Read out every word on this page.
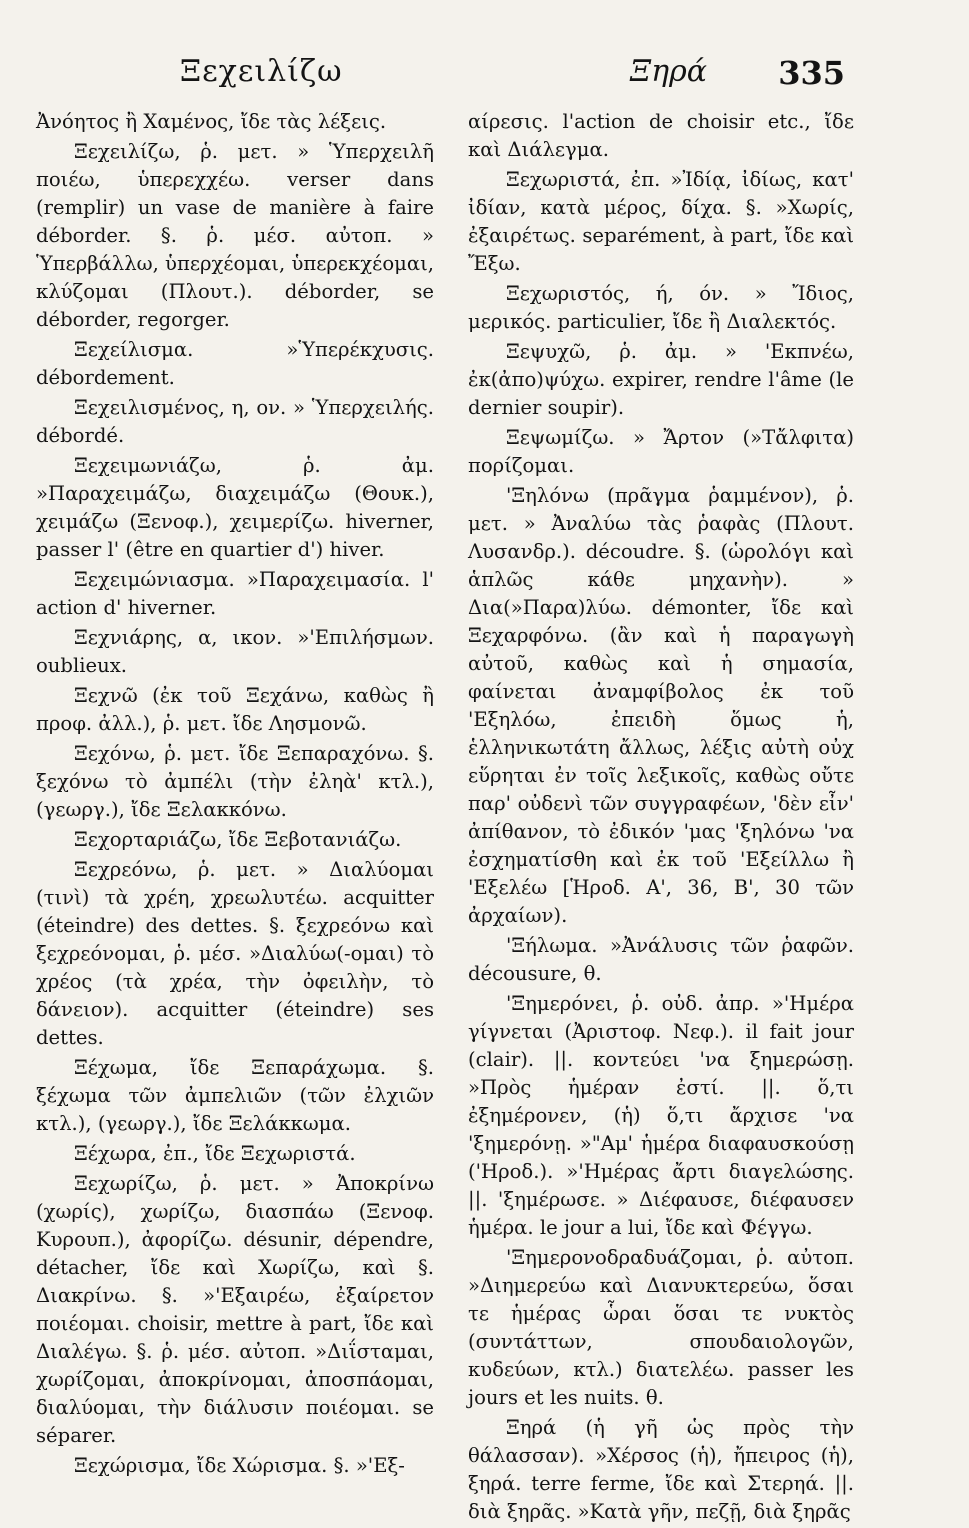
Ξεχειλίζω	Ξηρά 335

Ἀνόητος ἢ Χαμένος, ἴδε τὰς λέξεις.

Ξεχειλίζω, ῥ. μετ. » Ὑπερχειλῆ ποιέω, ὑπερεχχέω. verser dans (remplir) un vase de manière à faire déborder. §. ῥ. μέσ. αὐτοπ. » Ὑπερβάλλω, ὑπερχέομαι, ὑπερεκχέομαι, κλύζομαι (Πλουτ.). déborder, se déborder, regorger.

Ξεχείλισμα. »Ὑπερέκχυσις. débordement.

Ξεχειλισμένος, η, ον. » Ὑπερχειλής. débordé.

Ξεχειμωνιάζω, ῥ. ἀμ. »Παραχειμάζω, διαχειμάζω (Θουκ.), χειμάζω (Ξενοφ.), χειμερίζω. hiverner, passer l' (être en quartier d') hiver.

Ξεχειμώνιασμα. »Παραχειμασία. l' action d' hiverner.

Ξεχνιάρης, α, ικον. »'Επιλήσμων. oublieux.

Ξεχνῶ (ἐκ τοῦ Ξεχάνω, καθὼς ἢ προφ. ἀλλ.), ῥ. μετ. ἴδε Λησμονῶ.

Ξεχόνω, ῥ. μετ. ἴδε Ξεπαραχόνω. §. ξεχόνω τὸ ἀμπέλι (τὴν ἐληὰ' κτλ.), (γεωργ.), ἴδε Ξελακκόνω.

Ξεχορταριάζω, ἴδε Ξεβοτανιάζω.

Ξεχρεόνω, ῥ. μετ. » Διαλύομαι (τινὶ) τὰ χρέη, χρεωλυτέω. acquitter (éteindre) des dettes. §. ξεχρεόνω καὶ ξεχρεόνομαι, ῥ. μέσ. »Διαλύω(-ομαι) τὸ χρέος (τὰ χρέα, τὴν ὀφειλὴν, τὸ δάνειον). acquitter (éteindre) ses dettes.

Ξέχωμα, ἴδε Ξεπαράχωμα. §. ξέχωμα τῶν ἀμπελιῶν (τῶν ἐλχιῶν κτλ.), (γεωργ.), ἴδε Ξελάκκωμα.

Ξέχωρα, ἐπ., ἴδε Ξεχωριστά.

Ξεχωρίζω, ῥ. μετ. » Ἀποκρίνω (χωρίς), χωρίζω, διασπάω (Ξενοφ. Κυρουπ.), ἀφορίζω. désunir, dépendre, détacher, ἴδε καὶ Χωρίζω, καὶ §. Διακρίνω. §. »'Εξαιρέω, ἐξαίρετον ποιέομαι. choisir, mettre à part, ἴδε καὶ Διαλέγω. §. ῥ. μέσ. αὐτοπ. »Διΐσταμαι, χωρίζομαι, ἀποκρίνομαι, ἀποσπάομαι, διαλύομαι, τὴν διάλυσιν ποιέομαι. se séparer.

Ξεχώρισμα, ἴδε Χώρισμα. §. »'Εξ-

αίρεσις. l'action de choisir etc., ἴδε καὶ Διάλεγμα.

Ξεχωριστά, ἐπ. »Ἰδίᾳ, ἰδίως, κατ' ἰδίαν, κατὰ μέρος, δίχα. §. »Χωρίς, ἐξαιρέτως. separément, à part, ἴδε καὶ Ἔξω.

Ξεχωριστός, ή, όν. » Ἴδιος, μερικός. particulier, ἴδε ἢ Διαλεκτός.

Ξεψυχῶ, ῥ. ἀμ. » 'Εκπνέω, ἐκ(ἀπο)ψύχω. expirer, rendre l'âme (le dernier soupir).

Ξεψωμίζω. » Ἄρτον (»Τἄλφιτα) πορίζομαι.

'Ξηλόνω (πρᾶγμα ῥαμμένον), ῥ. μετ. » Ἀναλύω τὰς ῥαφὰς (Πλουτ. Λυσανδρ.). découdre. §. (ὡρολόγι καὶ ἁπλῶς κάθε μηχανὴν). » Δια(»Παρα)λύω. démonter, ἴδε καὶ Ξεχαρφόνω. (ἂν καὶ ἡ παραγωγὴ αὐτοῦ, καθὼς καὶ ἡ σημασία, φαίνεται ἀναμφίβολος ἐκ τοῦ 'Εξηλόω, ἐπειδὴ ὅμως ἡ, ἑλληνικωτάτη ἄλλως, λέξις αὐτὴ οὐχ εὕρηται ἐν τοῖς λεξικοῖς, καθὼς οὔτε παρ' οὐδενὶ τῶν συγγραφέων, 'δὲν εἶν' ἀπίθανον, τὸ ἐδικόν 'μας 'ξηλόνω 'να ἐσχηματίσθη καὶ ἐκ τοῦ 'Εξείλλω ἢ 'Εξελέω [Ἡροδ. Α', 36, Β', 30 τῶν ἀρχαίων).

'Ξήλωμα. »Ἀνάλυσις τῶν ῥαφῶν. décousure, θ.

'Ξημερόνει, ῥ. οὐδ. ἀπρ. »'Ημέρα γίγνεται (Ἀριστοφ. Νεφ.). il fait jour (clair). ||. κοντεύει 'να ξημερώσῃ. »Πρὸς ἡμέραν ἐστί. ||. ὅ,τι ἐξημέρονεν, (ἡ) ὅ,τι ἄρχισε 'να 'ξημερόνῃ. »"Αμ' ἡμέρα διαφαυσκούσῃ ('Ηροδ.). »'Ημέρας ἄρτι διαγελώσης. ||. 'ξημέρωσε. » Διέφαυσε, διέφαυσεν ἡμέρα. le jour a lui, ἴδε καὶ Φέγγω.

'Ξημερονοδραδυάζομαι, ῥ. αὐτοπ. »Διημερεύω καὶ Διανυκτερεύω, ὅσαι τε ἡμέρας ὧραι ὅσαι τε νυκτὸς (συντάττων, σπουδαιολογῶν, κυδεύων, κτλ.) διατελέω. passer les jours et les nuits. θ.

Ξηρά (ἡ γῆ ὡς πρὸς τὴν θάλασσαν). »Χέρσος (ἡ), ἤπειρος (ἡ), ξηρά. terre ferme, ἴδε καὶ Στερηά. ||. διὰ ξηρᾶς. »Κατὰ γῆν, πεζῇ, διὰ ξηρᾶς
